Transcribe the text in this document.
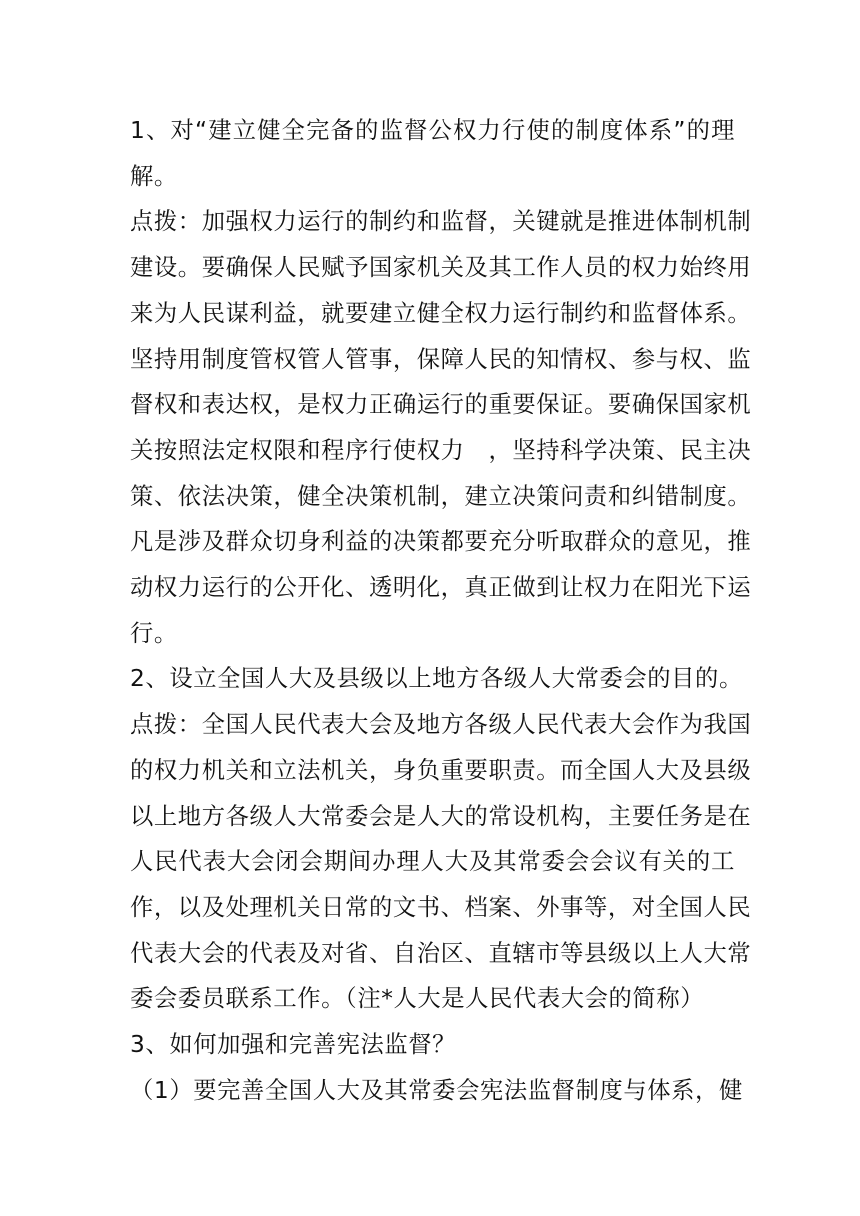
1、对“建立健全完备的监督公权力行使的制度体系”的理
解。
点拨：加强权力运行的制约和监督，关键就是推进体制机制
建设。要确保人民赋予国家机关及其工作人员的权力始终用
来为人民谋利益，就要建立健全权力运行制约和监督体系。
坚持用制度管权管人管事，保障人民的知情权、参与权、监
督权和表达权，是权力正确运行的重要保证。要确保国家机
关按照法定权限和程序行使权力　，坚持科学决策、民主决
策、依法决策，健全决策机制，建立决策问责和纠错制度。
凡是涉及群众切身利益的决策都要充分听取群众的意见，推
动权力运行的公开化、透明化，真正做到让权力在阳光下运
行。
2、设立全国人大及县级以上地方各级人大常委会的目的。
点拨：全国人民代表大会及地方各级人民代表大会作为我国
的权力机关和立法机关，身负重要职责。而全国人大及县级
以上地方各级人大常委会是人大的常设机构，主要任务是在
人民代表大会闭会期间办理人大及其常委会会议有关的工
作，以及处理机关日常的文书、档案、外事等，对全国人民
代表大会的代表及对省、自治区、直辖市等县级以上人大常
委会委员联系工作。（注*人大是人民代表大会的简称）
3、如何加强和完善宪法监督？
（1）要完善全国人大及其常委会宪法监督制度与体系，健
